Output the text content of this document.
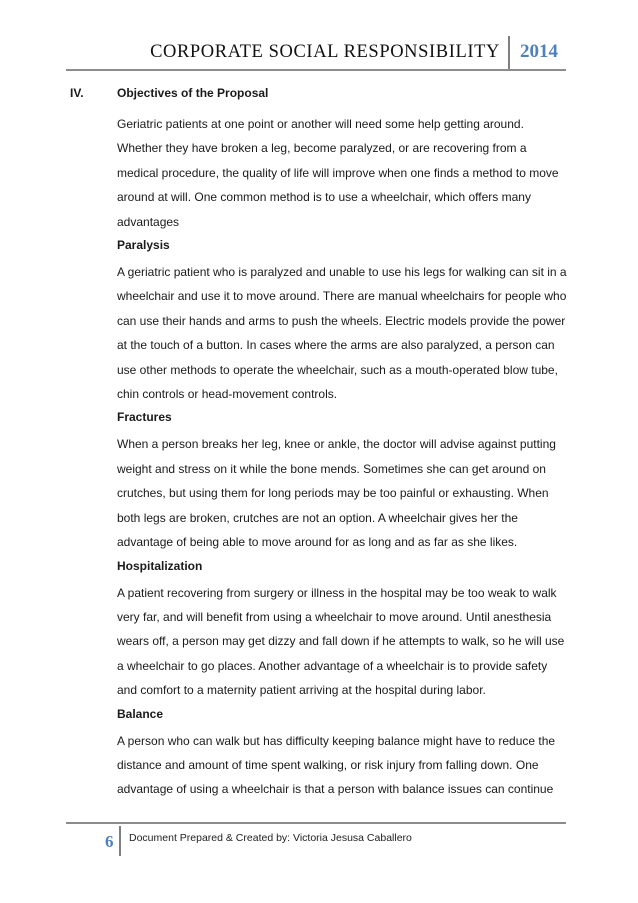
CORPORATE SOCIAL RESPONSIBILITY 2014
IV.	Objectives of the Proposal

Geriatric patients at one point or another will need some help getting around.
Whether they have broken a leg, become paralyzed, or are recovering from a
medical procedure, the quality of life will improve when one finds a method to move
around at will. One common method is to use a wheelchair, which offers many
advantages

Paralysis

A geriatric patient who is paralyzed and unable to use his legs for walking can sit in a
wheelchair and use it to move around. There are manual wheelchairs for people who
can use their hands and arms to push the wheels. Electric models provide the power
at the touch of a button. In cases where the arms are also paralyzed, a person can
use other methods to operate the wheelchair, such as a mouth-operated blow tube,
chin controls or head-movement controls.

Fractures

When a person breaks her leg, knee or ankle, the doctor will advise against putting
weight and stress on it while the bone mends. Sometimes she can get around on
crutches, but using them for long periods may be too painful or exhausting. When
both legs are broken, crutches are not an option. A wheelchair gives her the
advantage of being able to move around for as long and as far as she likes.

Hospitalization

A patient recovering from surgery or illness in the hospital may be too weak to walk
very far, and will benefit from using a wheelchair to move around. Until anesthesia
wears off, a person may get dizzy and fall down if he attempts to walk, so he will use
a wheelchair to go places. Another advantage of a wheelchair is to provide safety
and comfort to a maternity patient arriving at the hospital during labor.

Balance

A person who can walk but has difficulty keeping balance might have to reduce the
distance and amount of time spent walking, or risk injury from falling down. One
advantage of using a wheelchair is that a person with balance issues can continue

6 Document Prepared & Created by: Victoria Jesusa Caballero
